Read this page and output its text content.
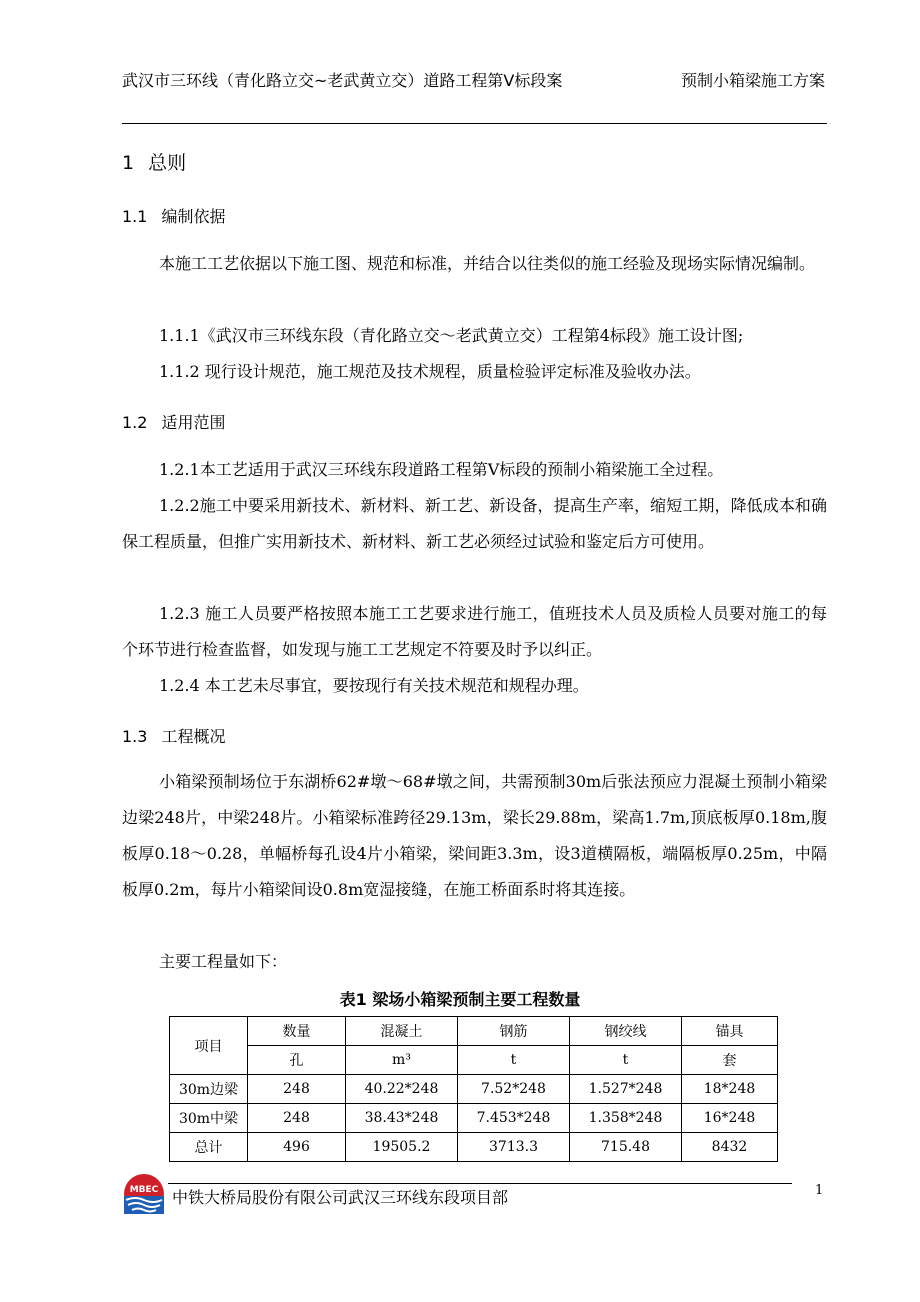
武汉市三环线（青化路立交~老武黄立交）道路工程第Ⅴ标段案	预制小箱梁施工方案
1 总则
1.1 编制依据
本施工工艺依据以下施工图、规范和标准，并结合以往类似的施工经验及现场实际情况编制。
1.1.1《武汉市三环线东段（青化路立交～老武黄立交）工程第4标段》施工设计图;
1.1.2 现行设计规范，施工规范及技术规程，质量检验评定标准及验收办法。
1.2 适用范围
1.2.1本工艺适用于武汉三环线东段道路工程第Ⅴ标段的预制小箱梁施工全过程。
1.2.2施工中要采用新技术、新材料、新工艺、新设备，提高生产率，缩短工期，降低成本和确保工程质量，但推广实用新技术、新材料、新工艺必须经过试验和鉴定后方可使用。
1.2.3 施工人员要严格按照本施工工艺要求进行施工，值班技术人员及质检人员要对施工的每个环节进行检查监督，如发现与施工工艺规定不符要及时予以纠正。
1.2.4 本工艺未尽事宜，要按现行有关技术规范和规程办理。
1.3 工程概况
小箱梁预制场位于东湖桥62#墩～68#墩之间，共需预制30m后张法预应力混凝土预制小箱梁边梁248片，中梁248片。小箱梁标准跨径29.13m，梁长29.88m，梁高1.7m,顶底板厚0.18m,腹板厚0.18～0.28，单幅桥每孔设4片小箱梁，梁间距3.3m，设3道横隔板，端隔板厚0.25m，中隔板厚0.2m，每片小箱梁间设0.8m宽湿接缝，在施工桥面系时将其连接。
主要工程量如下：
表1 梁场小箱梁预制主要工程数量
项目	数量	混凝土	钢筋	钢绞线	锚具
	孔	m³	t	t	套
30m边梁	248	40.22*248	7.52*248	1.527*248	18*248
30m中梁	248	38.43*248	7.453*248	1.358*248	16*248
总计	496	19505.2	3713.3	715.48	8432
MBEC 中铁大桥局股份有限公司武汉三环线东段项目部	1
